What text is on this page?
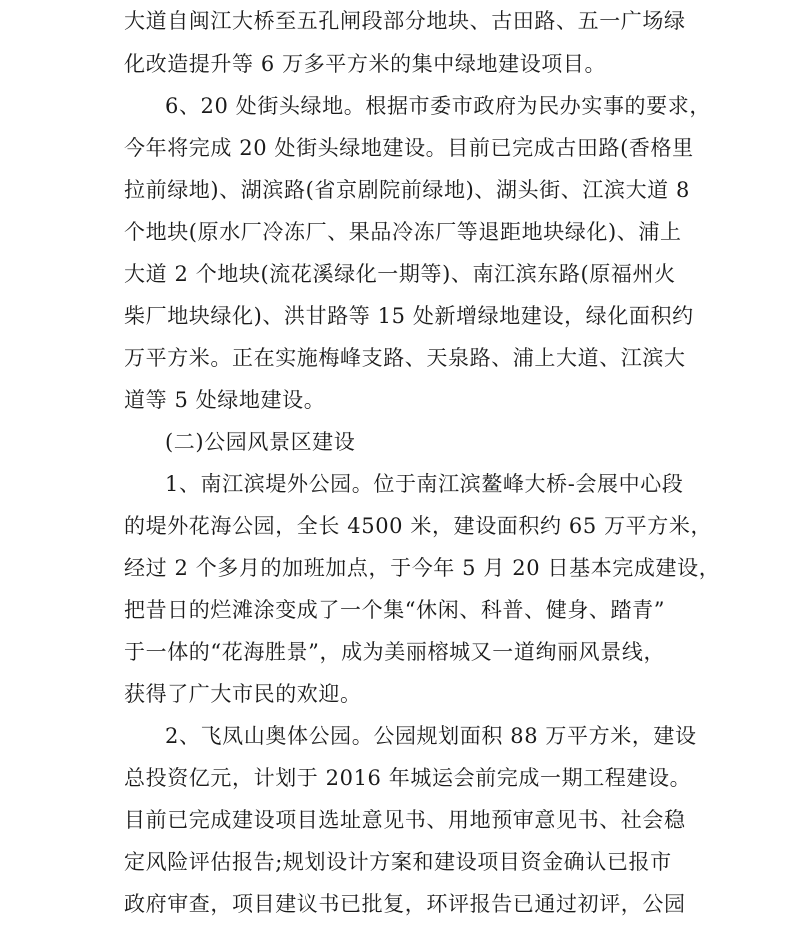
大道自闽江大桥至五孔闸段部分地块、古田路、五一广场绿
化改造提升等 6 万多平方米的集中绿地建设项目。
6、20 处街头绿地。根据市委市政府为民办实事的要求，
今年将完成 20 处街头绿地建设。目前已完成古田路(香格里
拉前绿地)、湖滨路(省京剧院前绿地)、湖头街、江滨大道 8
个地块(原水厂冷冻厂、果品冷冻厂等退距地块绿化)、浦上
大道 2 个地块(流花溪绿化一期等)、南江滨东路(原福州火
柴厂地块绿化)、洪甘路等 15 处新增绿地建设，绿化面积约
万平方米。正在实施梅峰支路、天泉路、浦上大道、江滨大
道等 5 处绿地建设。
(二)公园风景区建设
1、南江滨堤外公园。位于南江滨鳌峰大桥-会展中心段
的堤外花海公园，全长 4500 米，建设面积约 65 万平方米，
经过 2 个多月的加班加点，于今年 5 月 20 日基本完成建设，
把昔日的烂滩涂变成了一个集“休闲、科普、健身、踏青”
于一体的“花海胜景”，成为美丽榕城又一道绚丽风景线，
获得了广大市民的欢迎。
2、飞凤山奥体公园。公园规划面积 88 万平方米，建设
总投资亿元，计划于 2016 年城运会前完成一期工程建设。
目前已完成建设项目选址意见书、用地预审意见书、社会稳
定风险评估报告;规划设计方案和建设项目资金确认已报市
政府审查，项目建议书已批复，环评报告已通过初评，公园
